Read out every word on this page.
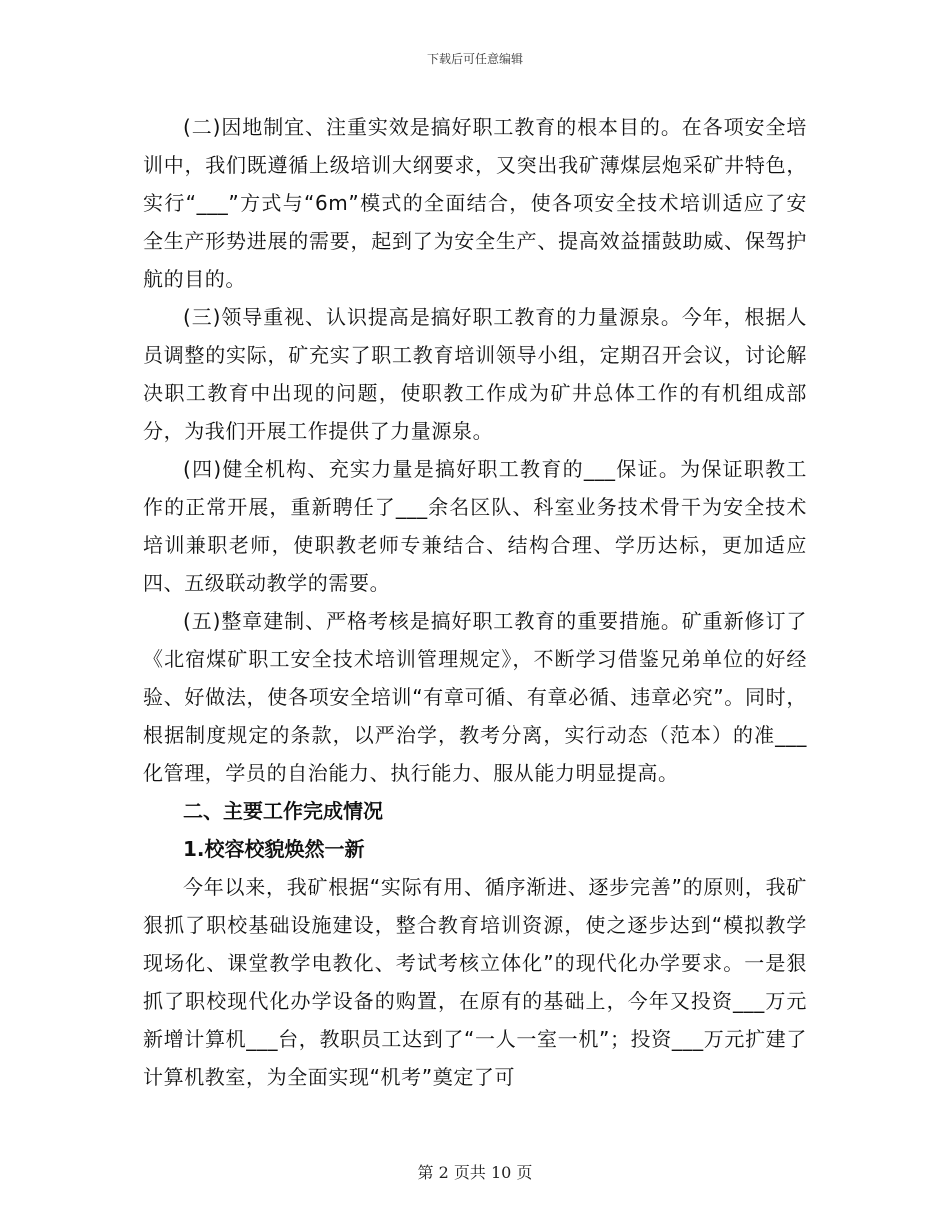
下载后可任意编辑

(二)因地制宜、注重实效是搞好职工教育的根本目的。在各项安全培训中，我们既遵循上级培训大纲要求，又突出我矿薄煤层炮采矿井特色，实行“___”方式与“6m”模式的全面结合，使各项安全技术培训适应了安全生产形势进展的需要，起到了为安全生产、提高效益擂鼓助威、保驾护航的目的。

(三)领导重视、认识提高是搞好职工教育的力量源泉。今年，根据人员调整的实际，矿充实了职工教育培训领导小组，定期召开会议，讨论解决职工教育中出现的问题，使职教工作成为矿井总体工作的有机组成部分，为我们开展工作提供了力量源泉。

(四)健全机构、充实力量是搞好职工教育的___保证。为保证职教工作的正常开展，重新聘任了___余名区队、科室业务技术骨干为安全技术培训兼职老师，使职教老师专兼结合、结构合理、学历达标，更加适应四、五级联动教学的需要。

(五)整章建制、严格考核是搞好职工教育的重要措施。矿重新修订了《北宿煤矿职工安全技术培训管理规定》，不断学习借鉴兄弟单位的好经验、好做法，使各项安全培训“有章可循、有章必循、违章必究”。同时，根据制度规定的条款，以严治学，教考分离，实行动态（范本）的准___化管理，学员的自治能力、执行能力、服从能力明显提高。

二、主要工作完成情况

1.校容校貌焕然一新

今年以来，我矿根据“实际有用、循序渐进、逐步完善”的原则，我矿狠抓了职校基础设施建设，整合教育培训资源，使之逐步达到“模拟教学现场化、课堂教学电教化、考试考核立体化”的现代化办学要求。一是狠抓了职校现代化办学设备的购置，在原有的基础上，今年又投资___万元新增计算机___台，教职员工达到了“一人一室一机”；投资___万元扩建了计算机教室，为全面实现“机考”奠定了可

第 2 页共 10 页
